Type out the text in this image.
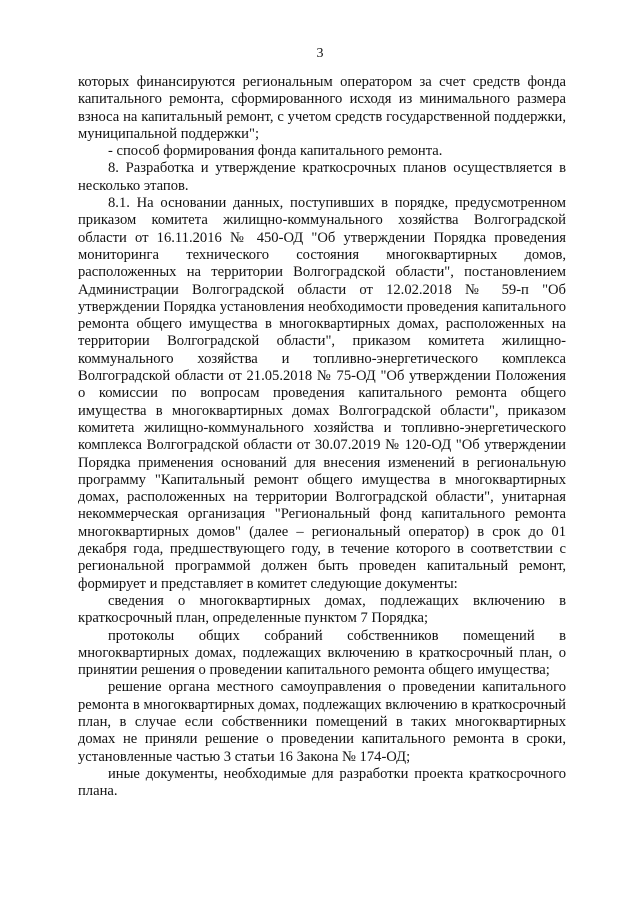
3

которых финансируются региональным оператором за счет средств фонда капитального ремонта, сформированного исходя из минимального размера взноса на капитальный ремонт, с учетом средств государственной поддержки, муниципальной поддержки";

- способ формирования фонда капитального ремонта.

8. Разработка и утверждение краткосрочных планов осуществляется в несколько этапов.

8.1. На основании данных, поступивших в порядке, предусмотренном приказом комитета жилищно-коммунального хозяйства Волгоградской области от 16.11.2016 № 450-ОД "Об утверждении Порядка проведения мониторинга технического состояния многоквартирных домов, расположенных на территории Волгоградской области", постановлением Администрации Волгоградской области от 12.02.2018 № 59-п "Об утверждении Порядка установления необходимости проведения капитального ремонта общего имущества в многоквартирных домах, расположенных на территории Волгоградской области", приказом комитета жилищно-коммунального хозяйства и топливно-энергетического комплекса Волгоградской области от 21.05.2018 № 75-ОД "Об утверждении Положения о комиссии по вопросам проведения капитального ремонта общего имущества в многоквартирных домах Волгоградской области", приказом комитета жилищно-коммунального хозяйства и топливно-энергетического комплекса Волгоградской области от 30.07.2019 № 120-ОД "Об утверждении Порядка применения оснований для внесения изменений в региональную программу "Капитальный ремонт общего имущества в многоквартирных домах, расположенных на территории Волгоградской области", унитарная некоммерческая организация "Региональный фонд капитального ремонта многоквартирных домов" (далее – региональный оператор) в срок до 01 декабря года, предшествующего году, в течение которого в соответствии с региональной программой должен быть проведен капитальный ремонт, формирует и представляет в комитет следующие документы:

сведения о многоквартирных домах, подлежащих включению в краткосрочный план, определенные пунктом 7 Порядка;

протоколы общих собраний собственников помещений в многоквартирных домах, подлежащих включению в краткосрочный план, о принятии решения о проведении капитального ремонта общего имущества;

решение органа местного самоуправления о проведении капитального ремонта в многоквартирных домах, подлежащих включению в краткосрочный план, в случае если собственники помещений в таких многоквартирных домах не приняли решение о проведении капитального ремонта в сроки, установленные частью 3 статьи 16 Закона № 174-ОД;

иные документы, необходимые для разработки проекта краткосрочного плана.
